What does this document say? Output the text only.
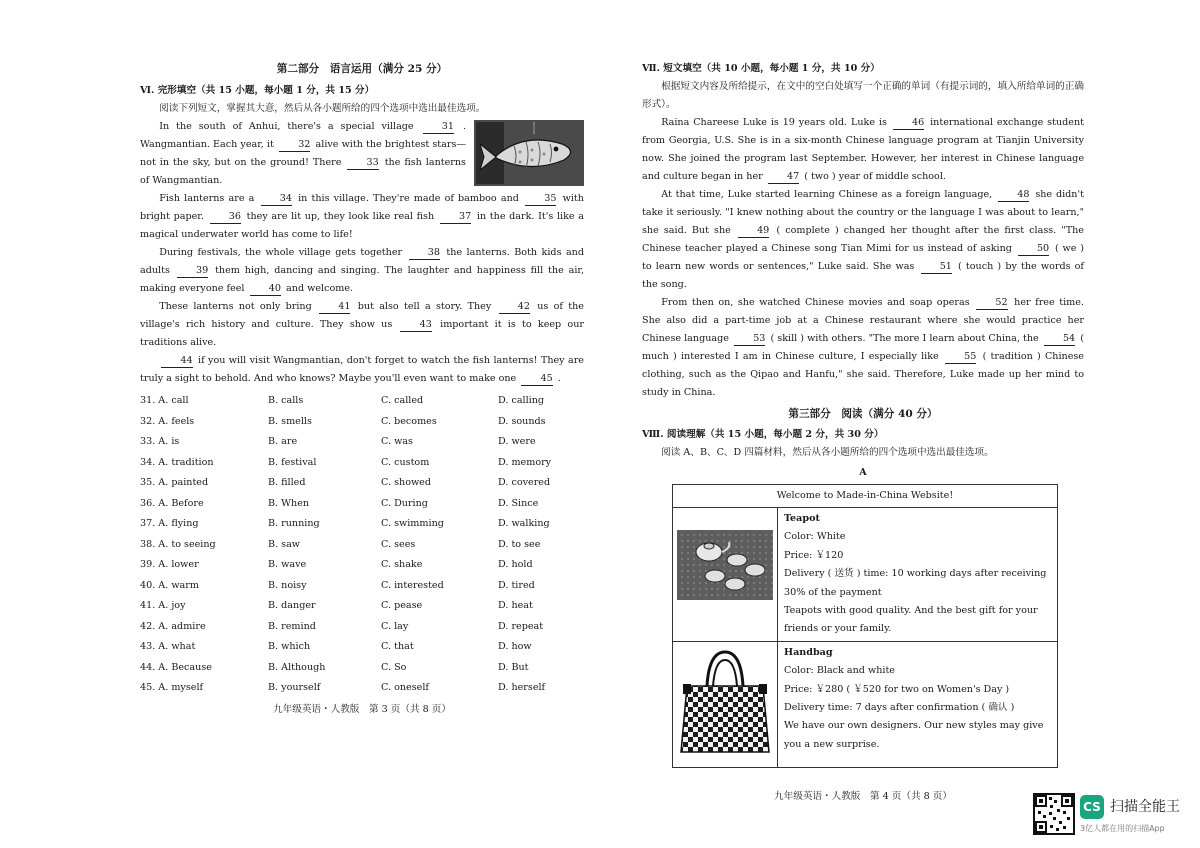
第二部分　语言运用（满分 25 分）
Ⅵ. 完形填空（共 15 小题，每小题 1 分，共 15 分）

阅读下列短文，掌握其大意，然后从各小题所给的四个选项中选出最佳选项。

In the south of Anhui, there's a special village	31 . Wangmantian. Each year, it	32 alive with the brightest stars—not in the sky, but on the ground! There	33 the fish lanterns of Wangmantian.

Fish lanterns are a	34 in this village. They're made of bamboo and	35 with bright paper.	36 they are lit up, they look like real fish	37 in the dark. It's like a magical underwater world has come to life!

During festivals, the whole village gets together	38 the lanterns. Both kids and adults	39 them high, dancing and singing. The laughter and happiness fill the air, making everyone feel	40 and welcome.

These lanterns not only bring	41 but also tell a story. They	42 us of the village's rich history and culture. They show us	43 important it is to keep our traditions alive.

44 if you will visit Wangmantian, don't forget to watch the fish lanterns! They are truly a sight to behold. And who knows? Maybe you'll even want to make one	45 .

31. A. call	B. calls	C. called	D. calling
32. A. feels	B. smells	C. becomes	D. sounds
33. A. is	B. are	C. was	D. were
34. A. tradition	B. festival	C. custom	D. memory
35. A. painted	B. filled	C. showed	D. covered
36. A. Before	B. When	C. During	D. Since
37. A. flying	B. running	C. swimming	D. walking
38. A. to seeing	B. saw	C. sees	D. to see
39. A. lower	B. wave	C. shake	D. hold
40. A. warm	B. noisy	C. interested	D. tired
41. A. joy	B. danger	C. pease	D. heat
42. A. admire	B. remind	C. lay	D. repeat
43. A. what	B. which	C. that	D. how
44. A. Because	B. Although	C. So	D. But
45. A. myself	B. yourself	C. oneself	D. herself
九年级英语・人教版　第 3 页（共 8 页）
Ⅶ. 短文填空（共 10 小题，每小题 1 分，共 10 分）

根据短文内容及所给提示，在文中的空白处填写一个正确的单词（有提示词的，填入所给单词的正确形式）。

Raina Chareese Luke is 19 years old. Luke is	46 international exchange student from Georgia, U.S. She is in a six-month Chinese language program at Tianjin University now. She joined the program last September. However, her interest in Chinese language and culture began in her	47 ( two ) year of middle school.

At that time, Luke started learning Chinese as a foreign language,	48 she didn't take it seriously. "I knew nothing about the country or the language I was about to learn," she said. But she	49 ( complete ) changed her thought after the first class. "The Chinese teacher played a Chinese song Tian Mimi for us instead of asking	50 ( we ) to learn new words or sentences," Luke said. She was	51 ( touch ) by the words of the song.

From then on, she watched Chinese movies and soap operas	52 her free time. She also did a part-time job at a Chinese restaurant where she would practice her Chinese language	53 ( skill ) with others. "The more I learn about China, the	54 ( much ) interested I am in Chinese culture, I especially like	55 ( tradition ) Chinese clothing, such as the Qipao and Hanfu," she said. Therefore, Luke made up her mind to study in China.

第三部分　阅读（满分 40 分）
Ⅷ. 阅读理解（共 15 小题，每小题 2 分，共 30 分）

阅读 A、B、C、D 四篇材料，然后从各小题所给的四个选项中选出最佳选项。

A
Welcome to Made-in-China Website!	

Teapot
Color: White
Price: ￥120
Delivery ( 送货 ) time: 10 working days after receiving 30% of the payment
Teapots with good quality. And the best gift for your friends or your family.

Handbag
Color: Black and white
Price: ￥280 ( ￥520 for two on Women's Day )
Delivery time: 7 days after confirmation ( 确认 )
We have our own designers. Our new styles may give you a new surprise.
九年级英语・人教版　第 4 页（共 8 页）
CS 扫描全能王
3亿人都在用的扫描App
